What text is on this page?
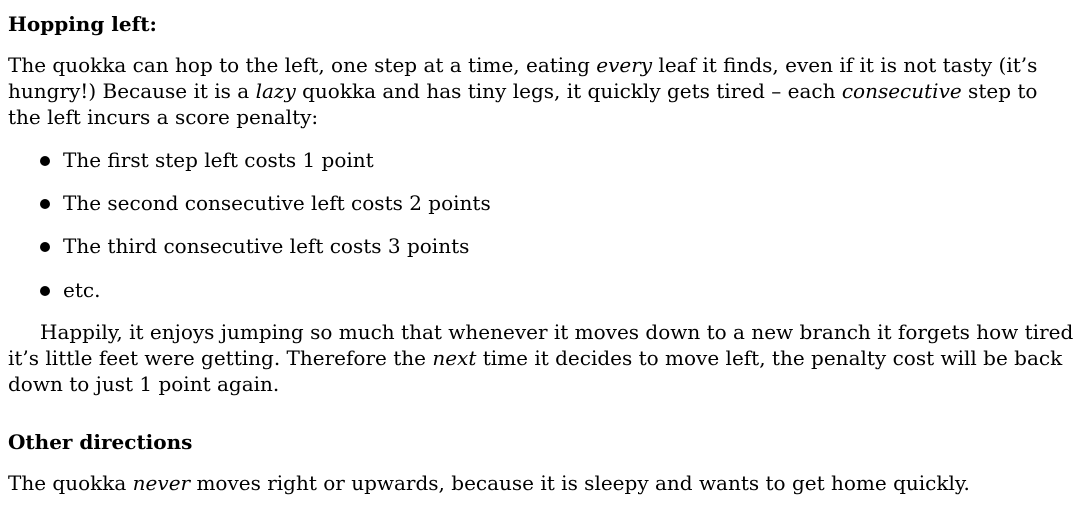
Hopping left:
The quokka can hop to the left, one step at a time, eating every leaf it finds, even if it is not tasty (it’s
hungry!) Because it is a lazy quokka and has tiny legs, it quickly gets tired – each consecutive step to
the left incurs a score penalty:
The first step left costs 1 point
The second consecutive left costs 2 points
The third consecutive left costs 3 points
etc.
Happily, it enjoys jumping so much that whenever it moves down to a new branch it forgets how tired
it’s little feet were getting. Therefore the next time it decides to move left, the penalty cost will be back
down to just 1 point again.
Other directions
The quokka never moves right or upwards, because it is sleepy and wants to get home quickly.
